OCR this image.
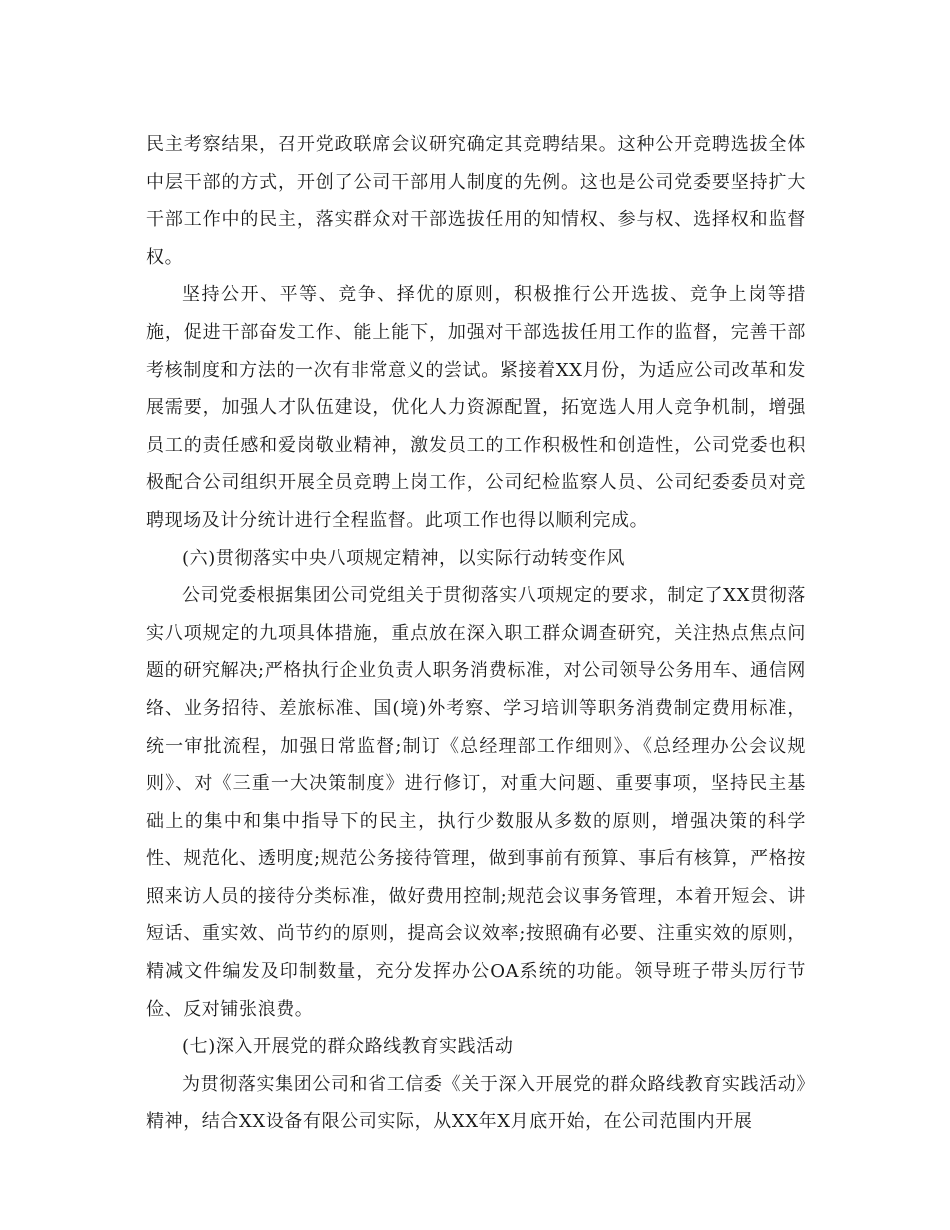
民主考察结果，召开党政联席会议研究确定其竞聘结果。这种公开竞聘选拔全体中层干部的方式，开创了公司干部用人制度的先例。这也是公司党委要坚持扩大干部工作中的民主，落实群众对干部选拔任用的知情权、参与权、选择权和监督权。

坚持公开、平等、竞争、择优的原则，积极推行公开选拔、竞争上岗等措施，促进干部奋发工作、能上能下，加强对干部选拔任用工作的监督，完善干部考核制度和方法的一次有非常意义的尝试。紧接着XX月份，为适应公司改革和发展需要，加强人才队伍建设，优化人力资源配置，拓宽选人用人竞争机制，增强员工的责任感和爱岗敬业精神，激发员工的工作积极性和创造性，公司党委也积极配合公司组织开展全员竞聘上岗工作，公司纪检监察人员、公司纪委委员对竞聘现场及计分统计进行全程监督。此项工作也得以顺利完成。

(六)贯彻落实中央八项规定精神，以实际行动转变作风

公司党委根据集团公司党组关于贯彻落实八项规定的要求，制定了XX贯彻落实八项规定的九项具体措施，重点放在深入职工群众调查研究，关注热点焦点问题的研究解决;严格执行企业负责人职务消费标准，对公司领导公务用车、通信网络、业务招待、差旅标准、国(境)外考察、学习培训等职务消费制定费用标准，统一审批流程，加强日常监督;制订《总经理部工作细则》、《总经理办公会议规则》、对《三重一大决策制度》进行修订，对重大问题、重要事项，坚持民主基础上的集中和集中指导下的民主，执行少数服从多数的原则，增强决策的科学性、规范化、透明度;规范公务接待管理，做到事前有预算、事后有核算，严格按照来访人员的接待分类标准，做好费用控制;规范会议事务管理，本着开短会、讲短话、重实效、尚节约的原则，提高会议效率;按照确有必要、注重实效的原则，精减文件编发及印制数量，充分发挥办公OA系统的功能。领导班子带头厉行节俭、反对铺张浪费。

(七)深入开展党的群众路线教育实践活动

为贯彻落实集团公司和省工信委《关于深入开展党的群众路线教育实践活动》精神，结合XX设备有限公司实际，从XX年X月底开始，在公司范围内开展
